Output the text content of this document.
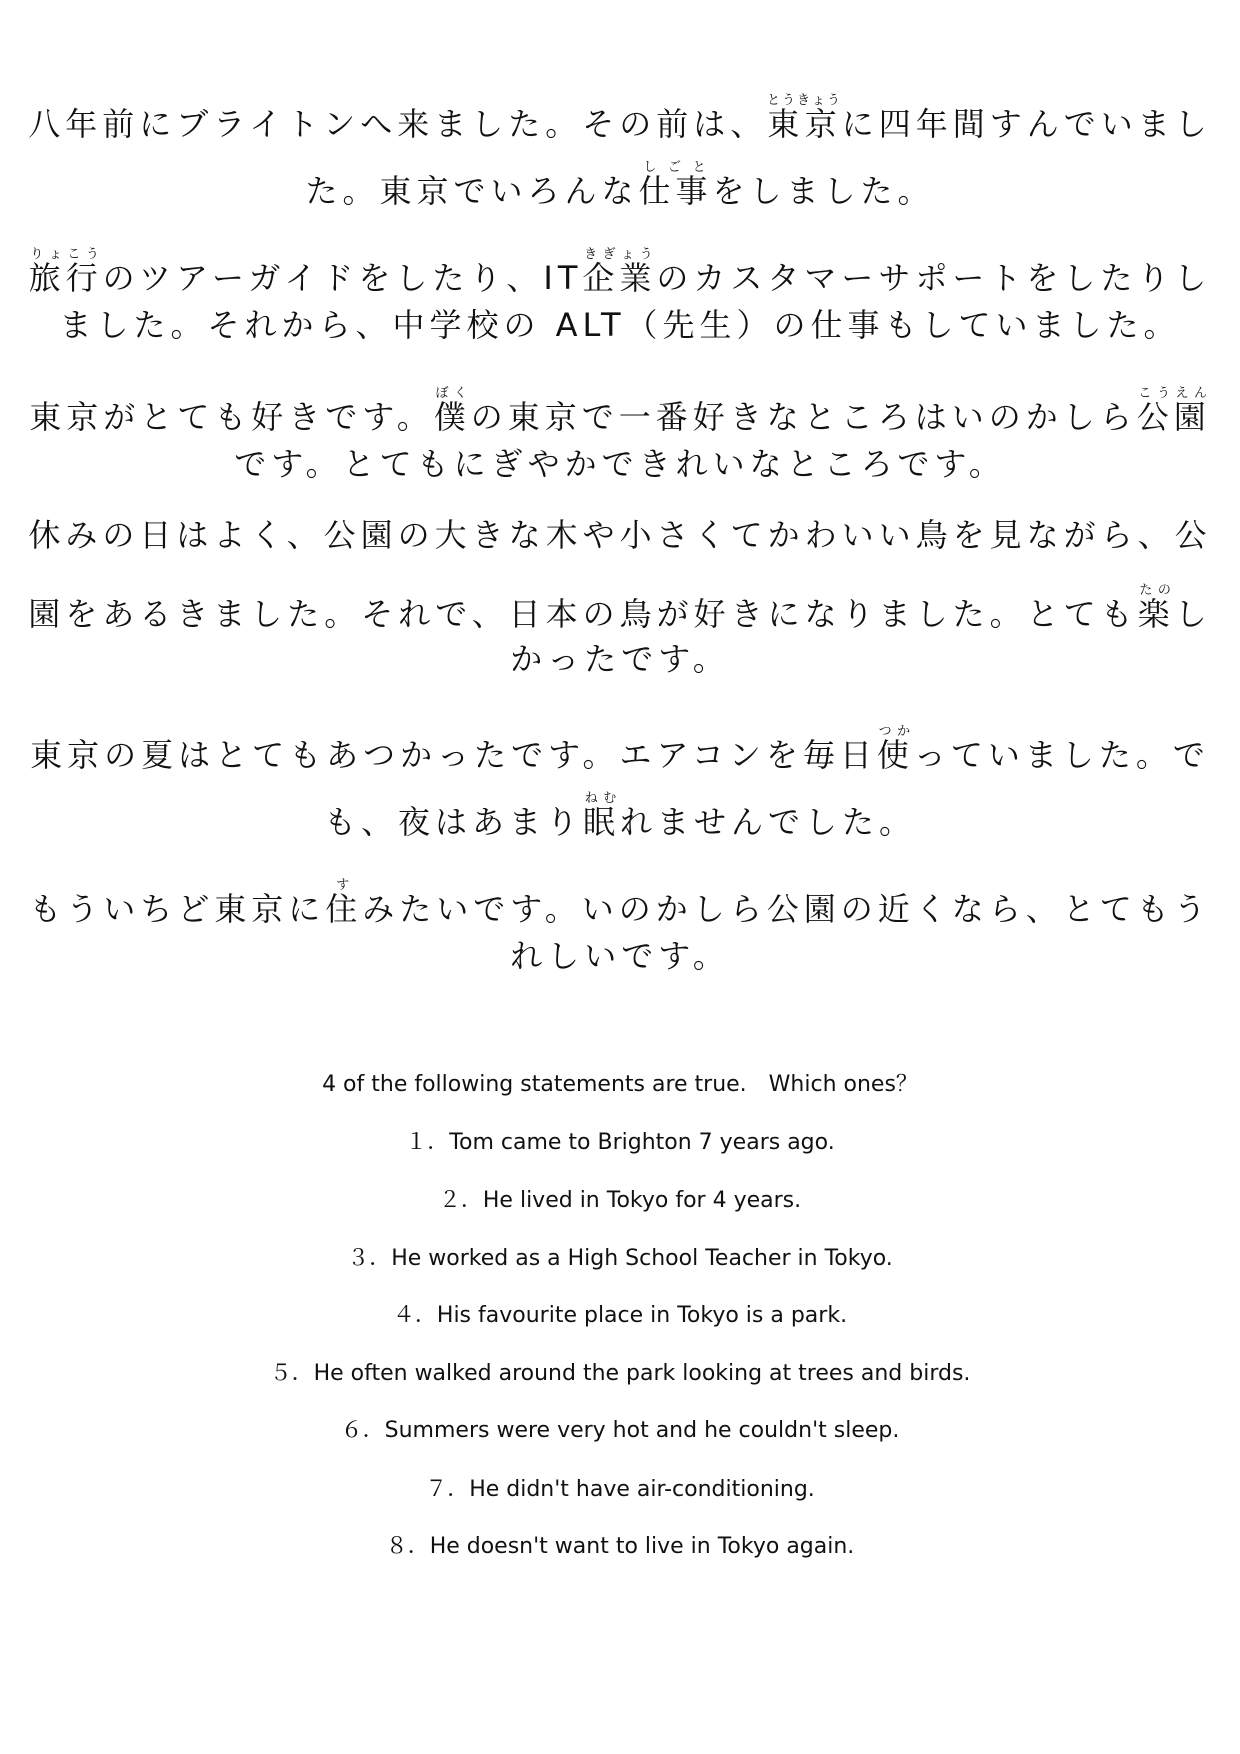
八年前にブライトンへ来ました。その前は、東京とうきょうに四年間すんでいまし
た。東京でいろんな仕事しごとをしました。
旅行りょこうのツアーガイドをしたり、IT企業きぎょうのカスタマーサポートをしたりし
ました。それから、中学校の ALT（先生）の仕事もしていました。
東京がとても好きです。僕ぼくの東京で一番好きなところはいのかしら公園こうえん
です。とてもにぎやかできれいなところです。
休みの日はよく、公園の大きな木や小さくてかわいい鳥を見ながら、公
園をあるきました。それで、日本の鳥が好きになりました。とても楽たのし
かったです。
東京の夏はとてもあつかったです。エアコンを毎日使つかっていました。で
も、夜はあまり眠ねむれませんでした。
もういちど東京に住すみたいです。いのかしら公園の近くなら、とてもう
れしいです。
4 of the following statements are true.　Which ones？
１．Tom came to Brighton 7 years ago.
２．He lived in Tokyo for 4 years.
３．He worked as a High School Teacher in Tokyo.
４．His favourite place in Tokyo is a park.
５．He often walked around the park looking at trees and birds.
６．Summers were very hot and he couldn't sleep.
７．He didn't have air-conditioning.
８．He doesn't want to live in Tokyo again.
